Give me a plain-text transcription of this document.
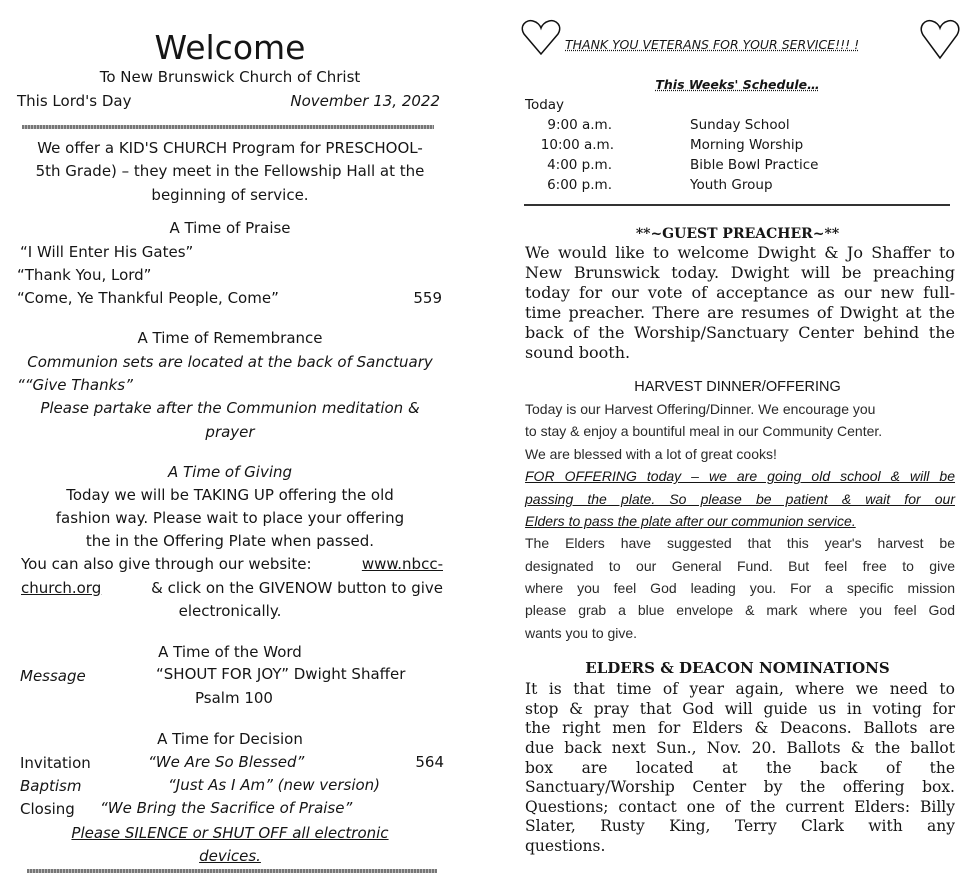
Welcome
To New Brunswick Church of Christ
This Lord's Day	November 13, 2022
We offer a KID'S CHURCH Program for PRESCHOOL-
5th Grade) – they meet in the Fellowship Hall at the
beginning of service.
A Time of Praise
“I Will Enter His Gates”
“Thank You, Lord”
“Come, Ye Thankful People, Come”	559
A Time of Remembrance
Communion sets are located at the back of Sanctuary
““Give Thanks”
Please partake after the Communion meditation &
prayer
A Time of Giving
Today we will be TAKING UP offering the old
fashion way. Please wait to place your offering
the in the Offering Plate when passed.
You can also give through our website:	www.nbcc-
church.org	& click on the GIVENOW button to give
electronically.
A Time of the Word
Message	“SHOUT FOR JOY” Dwight Shaffer
Psalm 100
A Time for Decision
Invitation	“We Are So Blessed”	564
Baptism	“Just As I Am” (new version)
Closing “We Bring the Sacrifice of Praise”
Please SILENCE or SHUT OFF all electronic
devices.
THANK YOU VETERANS FOR YOUR SERVICE!!! !
This Weeks' Schedule…
Today
9:00 a.m.	Sunday School
10:00 a.m.	Morning Worship
4:00 p.m.	Bible Bowl Practice
6:00 p.m.	Youth Group
**~GUEST PREACHER~**
We would like to welcome Dwight & Jo Shaffer to
New Brunswick today. Dwight will be preaching
today for our vote of acceptance as our new full-
time preacher. There are resumes of Dwight at the
back of the Worship/Sanctuary Center behind the
sound booth.
HARVEST DINNER/OFFERING
Today is our Harvest Offering/Dinner. We encourage you
to stay & enjoy a bountiful meal in our Community Center.
We are blessed with a lot of great cooks!
FOR OFFERING today – we are going old school & will be
passing the plate. So please be patient & wait for our
Elders to pass the plate after our communion service.
The Elders have suggested that this year's harvest be
designated to our General Fund. But feel free to give
where you feel God leading you. For a specific mission
please grab a blue envelope & mark where you feel God
wants you to give.
ELDERS & DEACON NOMINATIONS
It is that time of year again, where we need to
stop & pray that God will guide us in voting for
the right men for Elders & Deacons. Ballots are
due back next Sun., Nov. 20. Ballots & the ballot
box are located at the back of the
Sanctuary/Worship Center by the offering box.
Questions; contact one of the current Elders: Billy
Slater, Rusty King, Terry Clark with any
questions.
